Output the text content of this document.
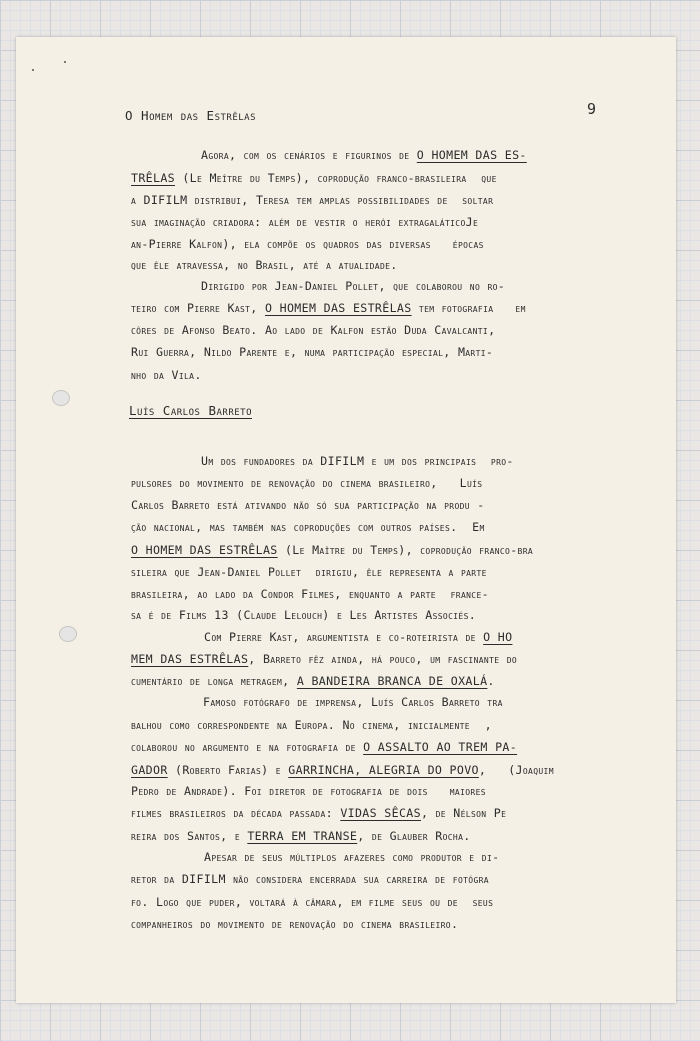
O Homem das Estrêlas	9
Luís Carlos Barreto
Agora, com os cenários e figurinos de O HOMEM DAS ES-
TRÊLAS (Le Meître du Temps), coprodução franco-brasileira  que
a DIFILM distribui, Teresa tem amplas possibilidades de  soltar
sua imaginação criadora: além de vestir o herói extragaláticoJe
an-Pierre Kalfon), ela compõe os quadros das diversas   épocas
que êle atravessa, no Brasil, até a atualidade.
Dirigido por Jean-Daniel Pollet, que colaborou no ro-
teiro com Pierre Kast, O HOMEM DAS ESTRÊLAS tem fotografia   em
côres de Afonso Beato. Ao lado de Kalfon estão Duda Cavalcanti,
Rui Guerra, Nildo Parente e, numa participação especial, Marti-
nho da Vila.
Um dos fundadores da DIFILM e um dos principais  pro-
pulsores do movimento de renovação do cinema brasileiro,   Luís
Carlos Barreto está ativando não só sua participação na produ -
ção nacional, mas também nas coproduções com outros países.  Em
O HOMEM DAS ESTRÊLAS (Le Maître du Temps), coprodução franco-bra
sileira que Jean-Daniel Pollet  dirigiu, êle representa a parte
brasileira, ao lado da Condor Filmes, enquanto a parte  france-
sa é de Films 13 (Claude Lelouch) e Les Artistes Associés.
Com Pierre Kast, argumentista e co-roteirista de O HO
MEM DAS ESTRÊLAS, Barreto fêz ainda, há pouco, um fascinante do
cumentário de longa metragem, A BANDEIRA BRANCA DE OXALÁ.
Famoso fotógrafo de imprensa, Luís Carlos Barreto tra
balhou como correspondente na Europa. No cinema, inicialmente  ,
colaborou no argumento e na fotografia de O ASSALTO AO TREM PA-
GADOR (Roberto Farias) e GARRINCHA, ALEGRIA DO POVO,   (Joaquim
Pedro de Andrade). Foi diretor de fotografia de dois   maiores
filmes brasileiros da década passada: VIDAS SÊCAS, de Nélson Pe
reira dos Santos, e TERRA EM TRANSE, de Glauber Rocha.
Apesar de seus múltiplos afazeres como produtor e di-
retor da DIFILM não considera encerrada sua carreira de fotógra
fo. Logo que puder, voltará à câmara, em filme seus ou de  seus
companheiros do movimento de renovação do cinema brasileiro.
